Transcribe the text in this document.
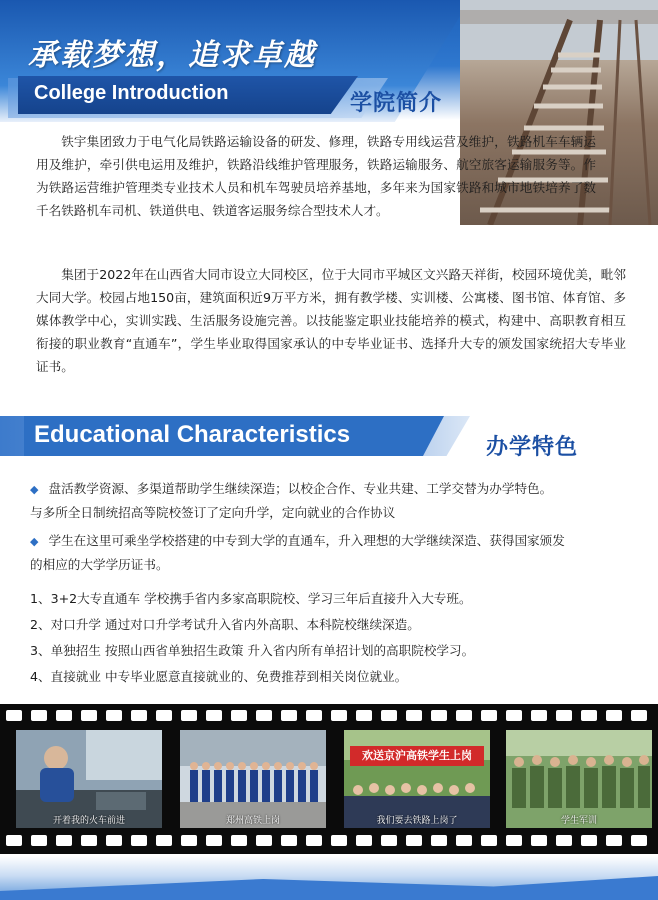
承载梦想，追求卓越
College Introduction	学院简介

铁宇集团致力于电气化局铁路运输设备的研发、修理，铁路专用线运营及维护，铁路机车车辆运用及维护，牵引供电运用及维护，铁路沿线维护管理服务，铁路运输服务、航空旅客运输服务等。作为铁路运营维护管理类专业技术人员和机车驾驶员培养基地，多年来为国家铁路和城市地铁培养了数千名铁路机车司机、铁道供电、铁道客运服务综合型技术人才。

集团于2022年在山西省大同市设立大同校区，位于大同市平城区文兴路天祥街，校园环境优美，毗邻大同大学。校园占地150亩，建筑面积近9万平方米，拥有教学楼、实训楼、公寓楼、图书馆、体育馆、多媒体教学中心，实训实践、生活服务设施完善。以技能鉴定职业技能培养的模式，构建中、高职教育相互衔接的职业教育“直通车”，学生毕业取得国家承认的中专毕业证书、选择升大专的颁发国家统招大专毕业证书。

Educational Characteristics	办学特色
◆ 盘活教学资源、多渠道帮助学生继续深造；以校企合作、专业共建、工学交替为办学特色。
与多所全日制统招高等院校签订了定向升学，定向就业的合作协议
◆ 学生在这里可乘坐学校搭建的中专到大学的直通车，升入理想的大学继续深造、获得国家颁发
的相应的大学学历证书。
1、3+2大专直通车 学校携手省内多家高职院校、学习三年后直接升入大专班。
2、对口升学 通过对口升学考试升入省内外高职、本科院校继续深造。
3、单独招生 按照山西省单独招生政策 升入省内所有单招计划的高职院校学习。
4、直接就业 中专毕业愿意直接就业的、免费推荐到相关岗位就业。
开着我的火车前进	郑州高铁上岗
欢送京沪高铁学生上岗
我们要去铁路上岗了	学生军训
